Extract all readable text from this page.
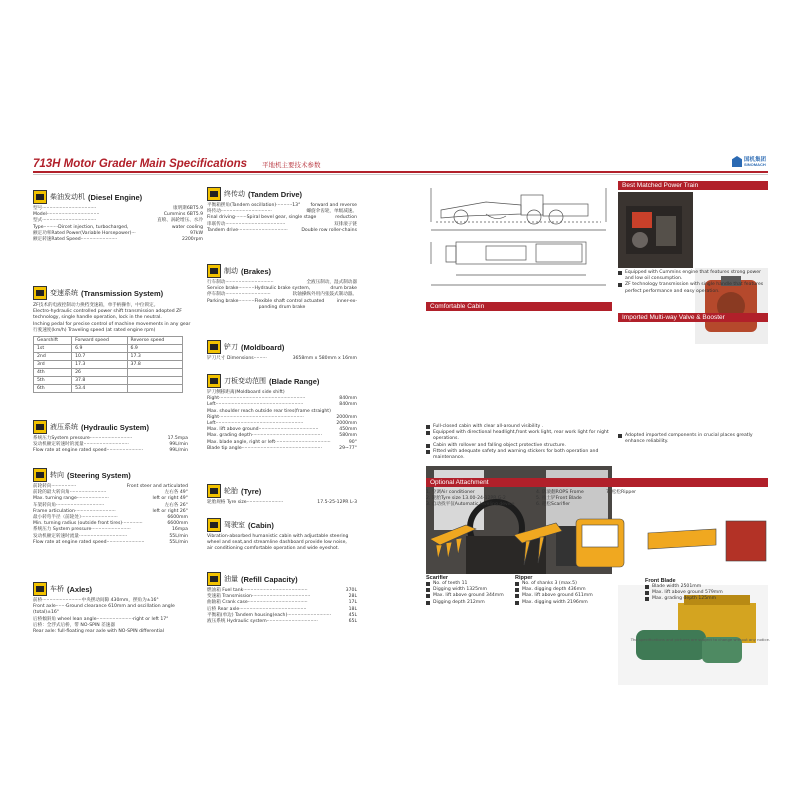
713H Motor Grader Main Specifications 平地机主要技术参数
国机集团
SINOMACH
柴油发动机 (Diesel Engine)
型号·····································	康明斯6BT5.9
Model····································	Cummins 6BT5.9
型式·····································	直喷、涡轮增压、水冷
Type··········Dircet injection, turbocharged,	water cooling
额定功率Rated Power(Variable Horsepower)···	97kW
额定转速Rated Speed·························	2200rpm
变速系统 (Transmission System)
ZF技术的电液控制动力换档变速箱，单手柄操作，中位锁定。
Electro-hydraulic controlled power shift transmission adopted ZF
technology, single handle operation, lock in the neutral.
Inching pedal for precise control of machine movements in any gear
行驶速度(km/h) Traveling speed (at rated engine rpm)
Gearshift	Forward speed	Reverse speed
1st	6.9	6.9
2nd	10.7	17.3
3rd	17.3	37.8
4th	26	
5th	37.8	
6th	53.4	
液压系统 (Hydraulic System)
系统压力System pressure·····························	17.5mpa
发动机额定转速时的流量·······························	99L/min
Flow rate at engine rated speed·························	99L/min
转向 (Steering System)
前轮转向·················	Front steer and articulated
前轮的最大转向角·························	左右各 49°
Max. turning range······················	left or right 49°
车架转向角·································	左右各 26°
Frame articulation····························	left or right 26°
最小转弯半径（前轮处）·························	6600mm
Min. turning radius (outside front tires)··············	6600mm
系统压力 System pressure···························	16mpa
发动机额定转速时流量·································	55L/min
Flow rate at engine rated speed··························	55L/min
车桥 (Axles)
前桥···························中央摆动间隙 430mm，摆角为±16°
Front axle·······Ground clearance 610mm and oscillation angle
(total)±16°
后桥倾斜角 wheel lean angle·························right or left 17°
后桥：全浮式后桥，带 NO-SPIN 差速器
Rear axle: full-floating rear axle with NO-SPIN differential
终传动 (Tandem Drive)
平衡箱摆角(Tandem oscillation)···········13° forward and reverse
终传动···································	螺旋伞齿轮，单级减速。
Final driving········Spiral bevel gear, single stage	reduction
串联传动·········································	双排滚子链
Tandem drive··································	Double row roller-chains
制动 (Brakes)
行车制动·································	全液压制动，湿式制动器
Service brake···········Hydraulic brake system,	drum brake
停车制动·······························	软轴操纵外用内张鼓式制动器。
Parking brake···········Flexible shaft control actuated	inner-ex-
panding drum brake
铲刀 (Moldboard)
铲刀尺寸 Dimensions·········	3658mm x 580mm x 16mm
刀板变动范围 (Blade Range)
铲刀侧移距离(Moldboard side shift)
Right···························································	840mm
Left····························································	840mm
Max. shoulder reach outside rear tires(frame straight)
Right··························································	2000mm
Left····························································	2000mm
Max. lift above ground·········································	450mm
Max. grading depth················································	580mm
Max. blade angle, right or left······································	90°
Blade tip angle·······················································	29~77°
轮胎 (Tyre)
轮胎规格 Tyre size·························	17.5-25-12PR L-3
驾驶室 (Cabin)
Vibration-absorbed humanistic cabin with adjustable steering
wheel and seat,and streamline dashboard provide low noise,
air conditioning comfortable operation and wide eyeshot.
油量 (Refill Capacity)
燃油箱 Fuel tank············································	370L
变速箱 Transmission········································	28L
曲轴箱 Crank case·········································	17L
后桥 Rear axle··············································	18L
平衡箱(单边) Tandem housing(each)······························	45L
液压系统 Hydraulic system···································	65L
Best Matched Power Train
Equipped with Cummins engine that features strong power and low oil consumption.
ZF technology transmission with single handle that features perfect performance and easy operation.
Comfortable Cabin
Full-closed cabin with clear all-around visibility .
Equipped with directional headlight,front work light, rear work light for night operations.
Cabin with rollover and falling object protective structure.
Fitted with adequate safety and warning stickers for both operation and maintenance.
Imported Multi-way Valve & Booster
Adopted imported components in crucial places greatly enhance reliability.
Optional Attachment
1. 空调Air conditioner	4. 防滚翻ROPS Frome	7. 松松Ripper
2. 轮胎Tyre size 13.00-24-12PR.G-2	5. 推土铲Front Blade
3. 自动找平仪Automatic leveling device	6. 耙松Scarifier
Scarifier
No. of teeth 11
Digging width 1325mm
Max. lift above ground 344mm
Digging depth 212mm
Ripper
No. of shanks 3 (max.5)
Max. digging depth 436mm
Max. lift above ground 611mm
Max. digging width 2196mm
Front Blade
Blade width 2501mm
Max. lift above ground 579mm
Max. grading depth 125mm
The specifications and pictures are subject to change without any notice.
